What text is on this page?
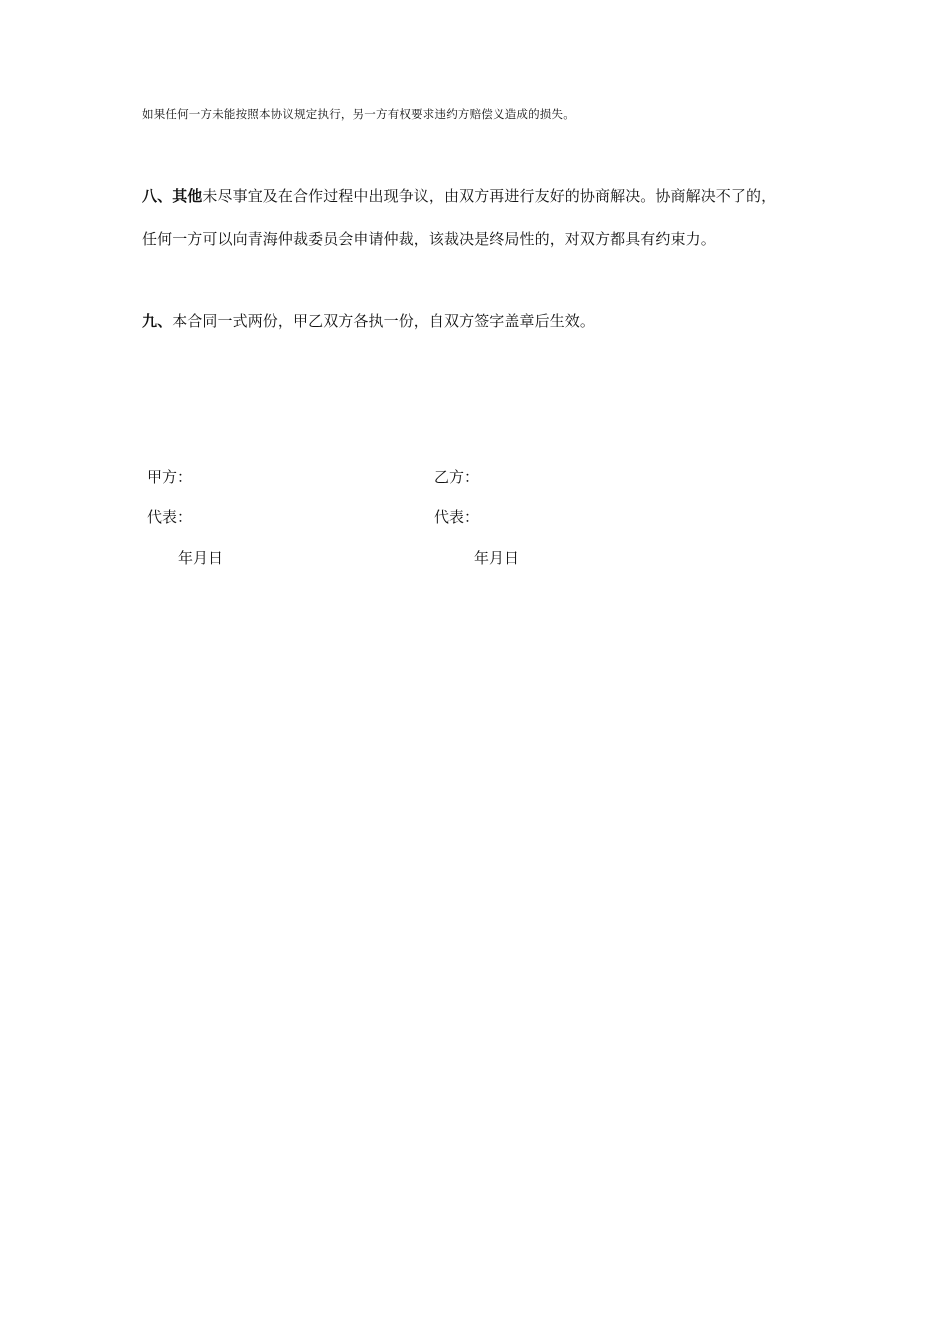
如果任何一方未能按照本协议规定执行，另一方有权要求违约方赔偿义造成的损失。
八、其他未尽事宜及在合作过程中出现争议，由双方再进行友好的协商解决。协商解决不了的，
任何一方可以向青海仲裁委员会申请仲裁，该裁决是终局性的，对双方都具有约束力。
九、本合同一式两份，甲乙双方各执一份，自双方签字盖章后生效。
甲方：
代表：
年月日
乙方：
代表：
年月日
